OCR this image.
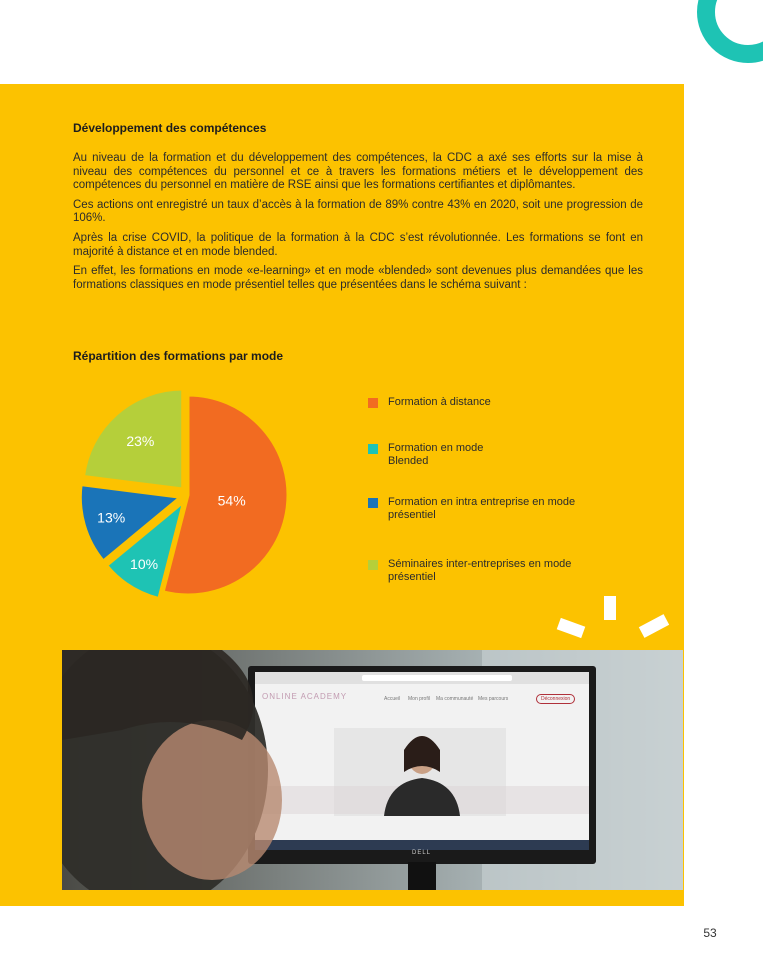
Développement des compétences

Au niveau de la formation et du développement des compétences, la CDC a axé ses efforts sur la mise à niveau des compétences du personnel et ce à travers les formations métiers et le développement des compétences du personnel en matière de RSE ainsi que les formations certifiantes et diplômantes.

Ces actions ont enregistré un taux d’accès à la formation de 89% contre 43% en 2020, soit une progression de 106%.

Après la crise COVID, la politique de la formation à la CDC s’est révolutionnée. Les formations se font en majorité à distance et en mode blended.

En effet, les formations en mode «e-learning» et en mode «blended» sont devenues plus demandées que les formations classiques en mode présentiel telles que présentées dans le schéma suivant :

Répartition des formations par mode
54%
10%
13%
23%
Formation à distance
Formation en mode Blended
Formation en intra entreprise en mode présentiel
Séminaires inter-entreprises en mode présentiel
ONLINE ACADEMY	Accueil Mon profil Ma communauté Mes parcours	Déconnexion
DELL
53
